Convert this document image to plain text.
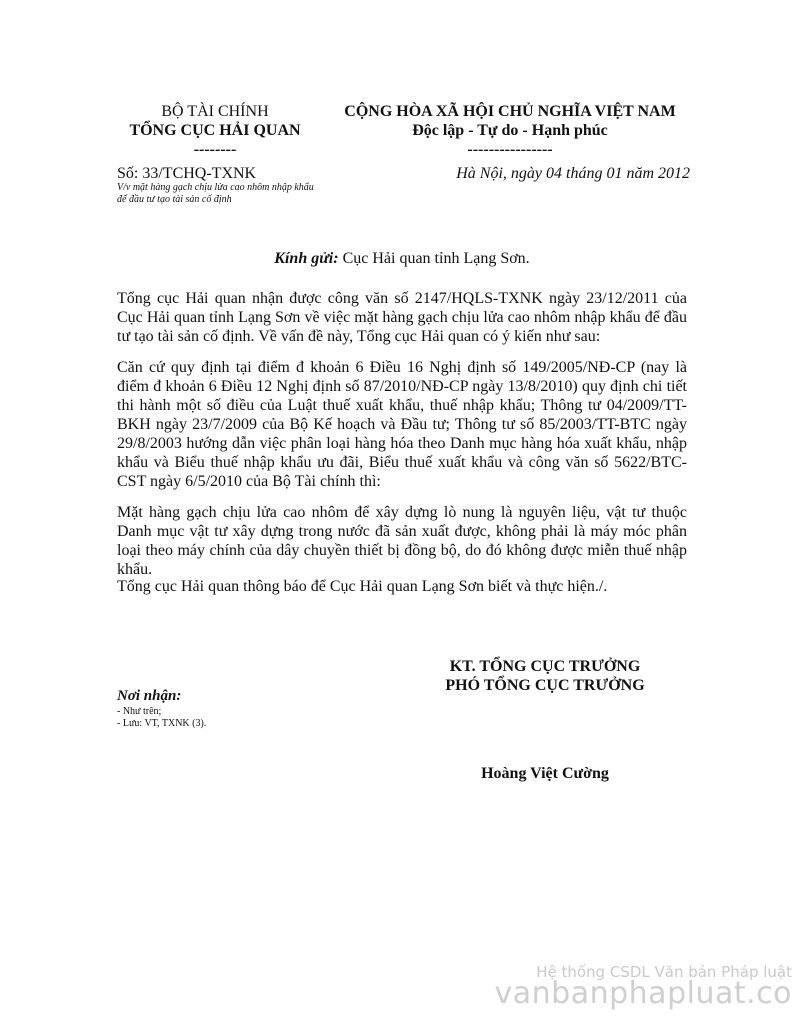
BỘ TÀI CHÍNH
TỔNG CỤC HẢI QUAN
--------
CỘNG HÒA XÃ HỘI CHỦ NGHĨA VIỆT NAM
Độc lập - Tự do - Hạnh phúc
----------------
Số: 33/TCHQ-TXNK
V/v mặt hàng gạch chịu lửa cao nhôm nhập khẩu để đầu tư tạo tài sản cố định
Hà Nội, ngày 04 tháng 01 năm 2012
Kính gửi: Cục Hải quan tỉnh Lạng Sơn.
Tổng cục Hải quan nhận được công văn số 2147/HQLS-TXNK ngày 23/12/2011 của Cục Hải quan tỉnh Lạng Sơn về việc mặt hàng gạch chịu lửa cao nhôm nhập khẩu để đầu tư tạo tài sản cố định. Về vấn đề này, Tổng cục Hải quan có ý kiến như sau:
Căn cứ quy định tại điểm đ khoản 6 Điều 16 Nghị định số 149/2005/NĐ-CP (nay là điểm đ khoản 6 Điều 12 Nghị định số 87/2010/NĐ-CP ngày 13/8/2010) quy định chi tiết thi hành một số điều của Luật thuế xuất khẩu, thuế nhập khẩu; Thông tư 04/2009/TT-BKH ngày 23/7/2009 của Bộ Kế hoạch và Đầu tư; Thông tư số 85/2003/TT-BTC ngày 29/8/2003 hướng dẫn việc phân loại hàng hóa theo Danh mục hàng hóa xuất khẩu, nhập khẩu và Biểu thuế nhập khẩu ưu đãi, Biểu thuế xuất khẩu và công văn số 5622/BTC-CST ngày 6/5/2010 của Bộ Tài chính thì:
Mặt hàng gạch chịu lửa cao nhôm để xây dựng lò nung là nguyên liệu, vật tư thuộc Danh mục vật tư xây dựng trong nước đã sản xuất được, không phải là máy móc phân loại theo máy chính của dây chuyền thiết bị đồng bộ, do đó không được miễn thuế nhập khẩu.
Tổng cục Hải quan thông báo để Cục Hải quan Lạng Sơn biết và thực hiện./.
KT. TỔNG CỤC TRƯỞNG
PHÓ TỔNG CỤC TRƯỞNG
Hoàng Việt Cường
Nơi nhận:
- Như trên;
- Lưu: VT, TXNK (3).
Hệ thống CSDL Văn bản Pháp luật
vanbanphapluat.co
